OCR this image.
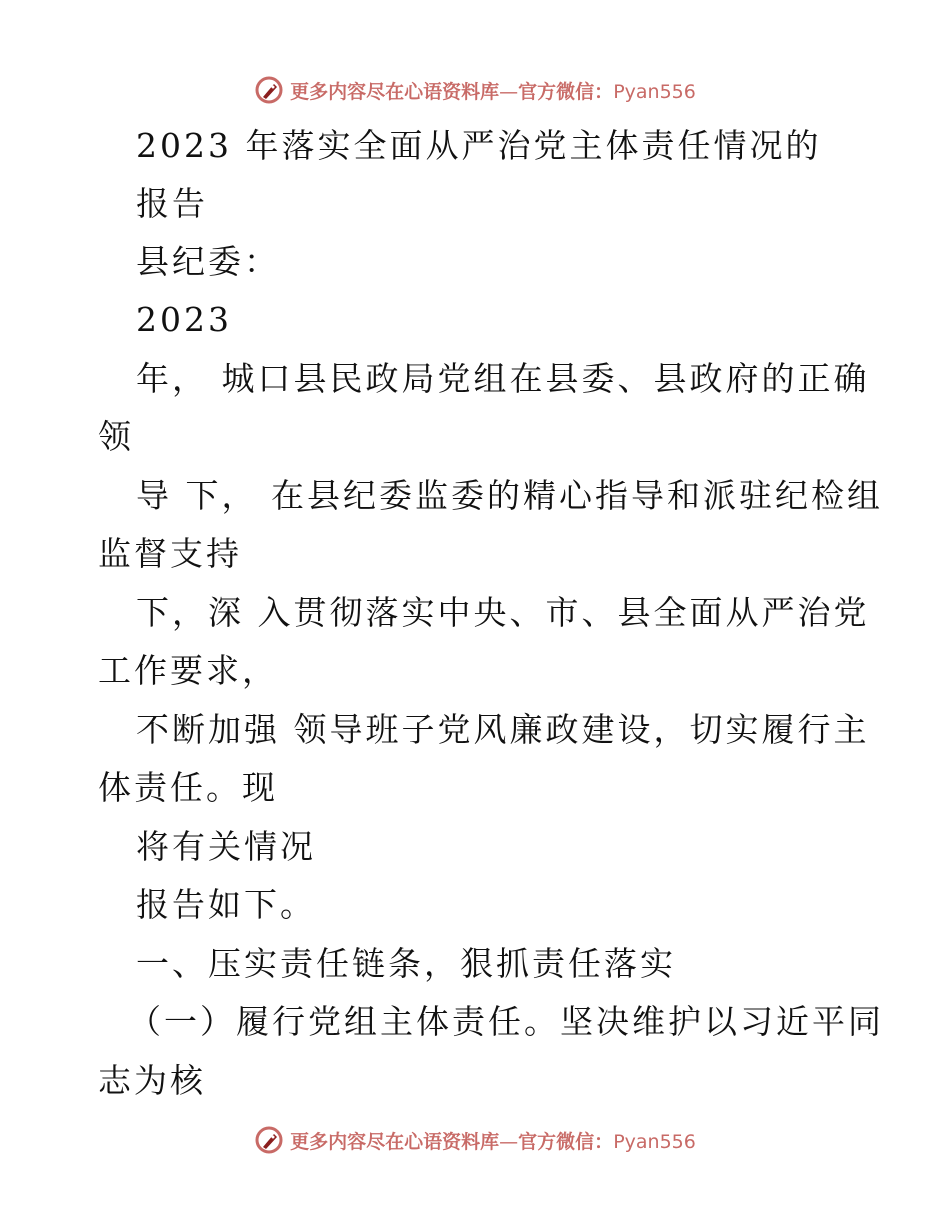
更多内容尽在心语资料库—官方微信：Pyan556
2023 年落实全面从严治党主体责任情况的
报告
县纪委：
2023
年， 城口县民政局党组在县委、县政府的正确
领
导 下， 在县纪委监委的精心指导和派驻纪检组
监督支持
下，深 入贯彻落实中央、市、县全面从严治党
工作要求，
不断加强 领导班子党风廉政建设，切实履行主
体责任。现
将有关情况
报告如下。
一、压实责任链条，狠抓责任落实
（一）履行党组主体责任。坚决维护以习近平同
志为核
更多内容尽在心语资料库—官方微信：Pyan556
